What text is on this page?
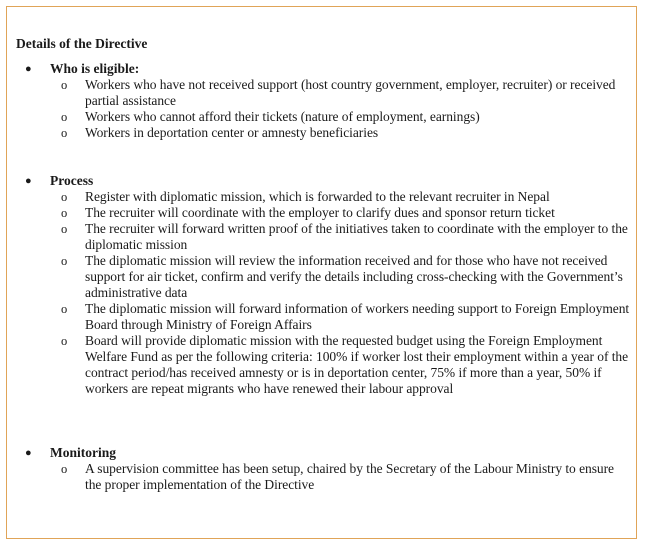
Details of the Directive
● Who is eligible:
o Workers who have not received support (host country government, employer, recruiter) or received partial assistance
o Workers who cannot afford their tickets (nature of employment, earnings)
o Workers in deportation center or amnesty beneficiaries
● Process
o Register with diplomatic mission, which is forwarded to the relevant recruiter in Nepal
o The recruiter will coordinate with the employer to clarify dues and sponsor return ticket
o The recruiter will forward written proof of the initiatives taken to coordinate with the employer to the diplomatic mission
o The diplomatic mission will review the information received and for those who have not received support for air ticket, confirm and verify the details including cross-checking with the Government’s administrative data
o The diplomatic mission will forward information of workers needing support to Foreign Employment Board through Ministry of Foreign Affairs
o Board will provide diplomatic mission with the requested budget using the Foreign Employment Welfare Fund as per the following criteria: 100% if worker lost their employment within a year of the contract period/has received amnesty or is in deportation center, 75% if more than a year, 50% if workers are repeat migrants who have renewed their labour approval
● Monitoring
o A supervision committee has been setup, chaired by the Secretary of the Labour Ministry to ensure the proper implementation of the Directive
